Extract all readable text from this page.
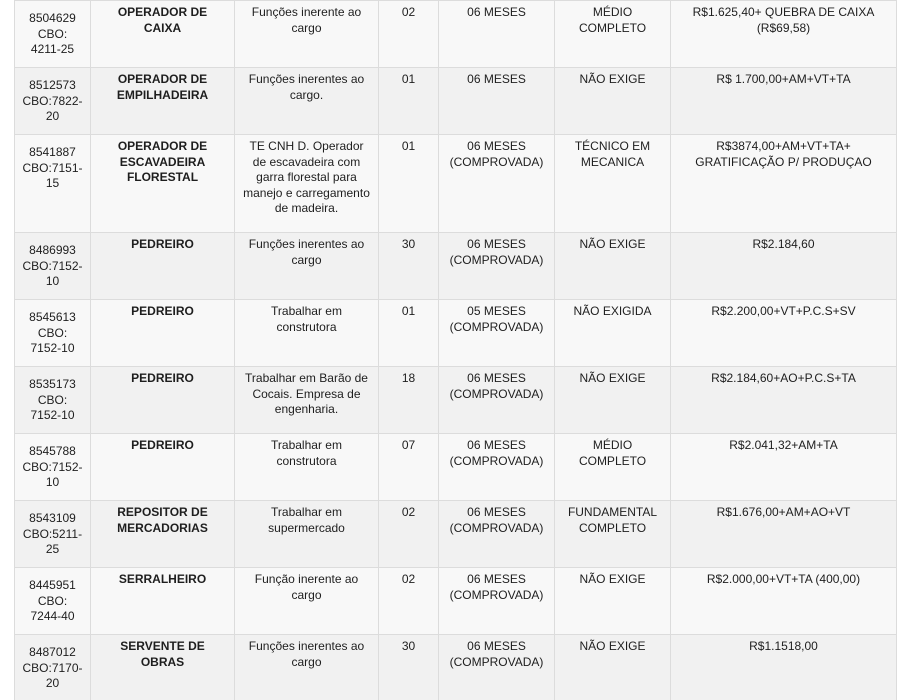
8504629
CBO:
4211-25	OPERADOR DE
CAIXA	Funções inerente ao
cargo	02	06 MESES	MÉDIO
COMPLETO	R$1.625,40+ QUEBRA DE CAIXA
(R$69,58)

8512573
CBO:7822-
20	OPERADOR DE
EMPILHADEIRA	Funções inerentes ao
cargo.	01	06 MESES	NÃO EXIGE	R$ 1.700,00+AM+VT+TA

8541887
CBO:7151-
15	OPERADOR DE
ESCAVADEIRA
FLORESTAL	TE CNH D. Operador
de escavadeira com
garra florestal para
manejo e carregamento
de madeira.	01	06 MESES
(COMPROVADA)	TÉCNICO EM
MECANICA	R$3874,00+AM+VT+TA+
GRATIFICAÇÃO P/ PRODUÇAO

8486993
CBO:7152-
10	PEDREIRO	Funções inerentes ao
cargo	30	06 MESES
(COMPROVADA)	NÃO EXIGE	R$2.184,60

8545613
CBO:
7152-10	PEDREIRO	Trabalhar em
construtora	01	05 MESES
(COMPROVADA)	NÃO EXIGIDA	R$2.200,00+VT+P.C.S+SV

8535173
CBO:
7152-10	PEDREIRO	Trabalhar em Barão de
Cocais. Empresa de
engenharia.	18	06 MESES
(COMPROVADA)	NÃO EXIGE	R$2.184,60+AO+P.C.S+TA

8545788
CBO:7152-
10	PEDREIRO	Trabalhar em
construtora	07	06 MESES
(COMPROVADA)	MÉDIO
COMPLETO	R$2.041,32+AM+TA

8543109
CBO:5211-
25	REPOSITOR DE
MERCADORIAS	Trabalhar em
supermercado	02	06 MESES
(COMPROVADA)	FUNDAMENTAL
COMPLETO	R$1.676,00+AM+AO+VT

8445951
CBO:
7244-40	SERRALHEIRO	Função inerente ao
cargo	02	06 MESES
(COMPROVADA)	NÃO EXIGE	R$2.000,00+VT+TA (400,00)

8487012
CBO:7170-
20	SERVENTE DE
OBRAS	Funções inerentes ao
cargo	30	06 MESES
(COMPROVADA)	NÃO EXIGE	R$1.1518,00
